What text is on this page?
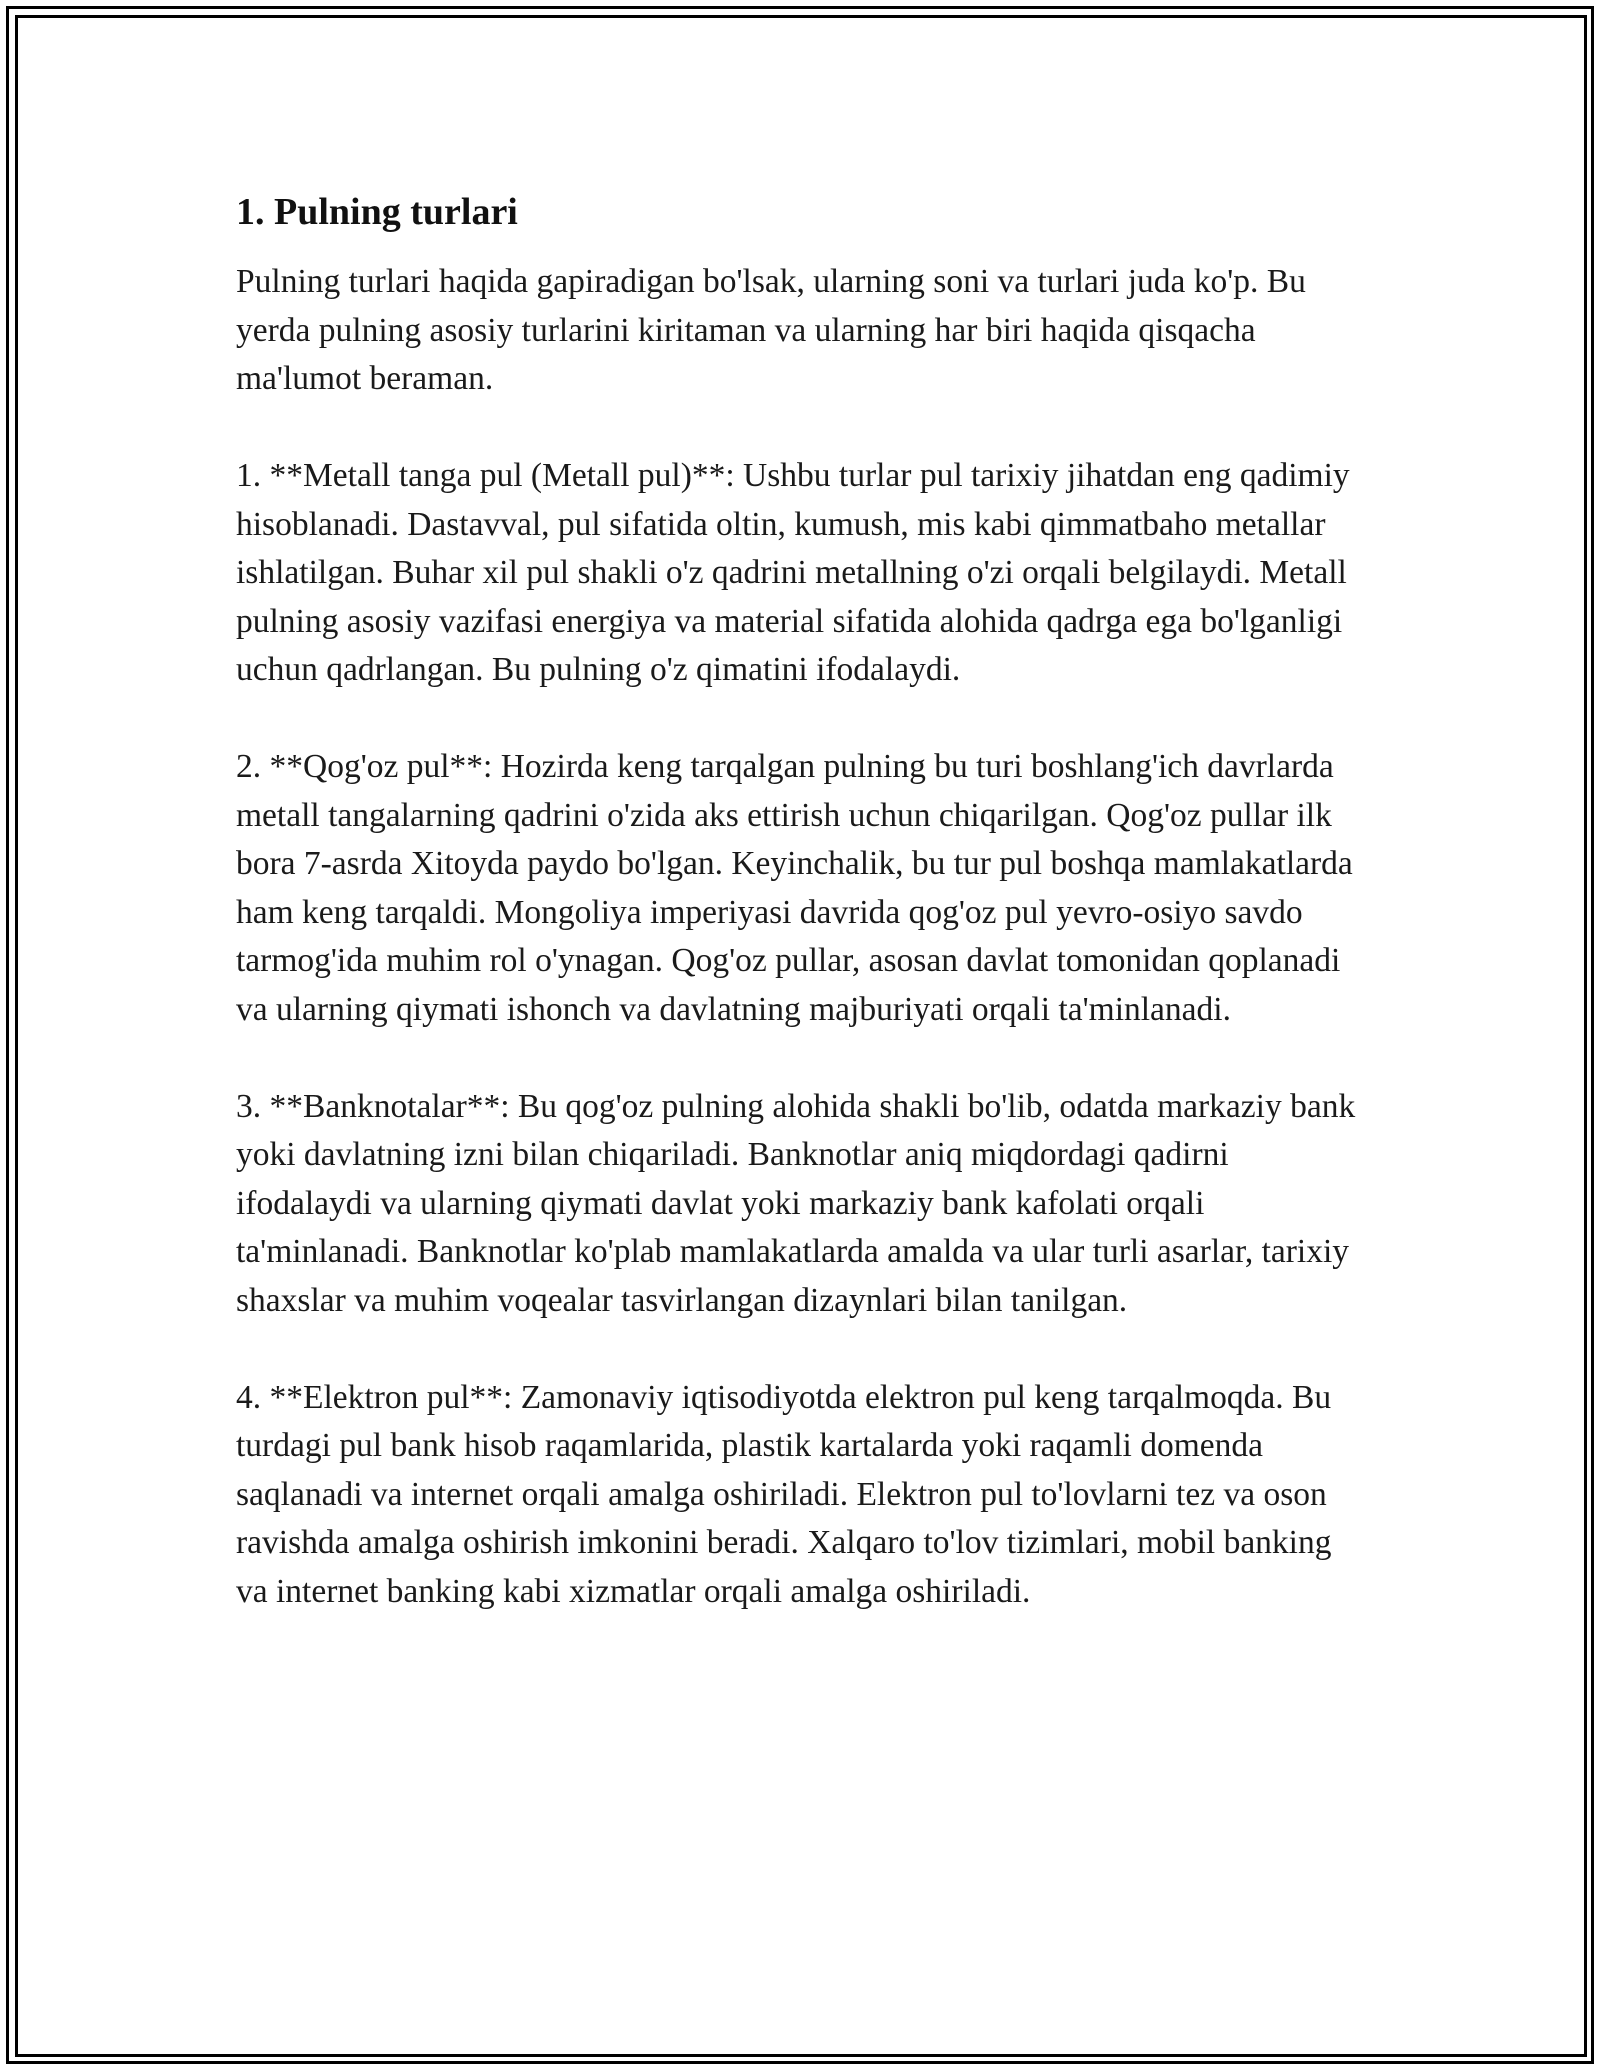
1. Pulning turlari

Pulning turlari haqida gapiradigan bo'lsak, ularning soni va turlari juda ko'p. Bu yerda pulning asosiy turlarini kiritaman va ularning har biri haqida qisqacha ma'lumot beraman.

1. **Metall tanga pul (Metall pul)**: Ushbu turlar pul tarixiy jihatdan eng qadimiy hisoblanadi. Dastavval, pul sifatida oltin, kumush, mis kabi qimmatbaho metallar ishlatilgan. Buhar xil pul shakli o'z qadrini metallning o'zi orqali belgilaydi. Metall pulning asosiy vazifasi energiya va material sifatida alohida qadrga ega bo'lganligi uchun qadrlangan. Bu pulning o'z qimatini ifodalaydi.

2. **Qog'oz pul**: Hozirda keng tarqalgan pulning bu turi boshlang'ich davrlarda metall tangalarning qadrini o'zida aks ettirish uchun chiqarilgan. Qog'oz pullar ilk bora 7-asrda Xitoyda paydo bo'lgan. Keyinchalik, bu tur pul boshqa mamlakatlarda ham keng tarqaldi. Mongoliya imperiyasi davrida qog'oz pul yevro-osiyo savdo tarmog'ida muhim rol o'ynagan. Qog'oz pullar, asosan davlat tomonidan qoplanadi va ularning qiymati ishonch va davlatning majburiyati orqali ta'minlanadi.

3. **Banknotalar**: Bu qog'oz pulning alohida shakli bo'lib, odatda markaziy bank yoki davlatning izni bilan chiqariladi. Banknotlar aniq miqdordagi qadirni ifodalaydi va ularning qiymati davlat yoki markaziy bank kafolati orqali ta'minlanadi. Banknotlar ko'plab mamlakatlarda amalda va ular turli asarlar, tarixiy shaxslar va muhim voqealar tasvirlangan dizaynlari bilan tanilgan.

4. **Elektron pul**: Zamonaviy iqtisodiyotda elektron pul keng tarqalmoqda. Bu turdagi pul bank hisob raqamlarida, plastik kartalarda yoki raqamli domenda saqlanadi va internet orqali amalga oshiriladi. Elektron pul to'lovlarni tez va oson ravishda amalga oshirish imkonini beradi. Xalqaro to'lov tizimlari, mobil banking va internet banking kabi xizmatlar orqali amalga oshiriladi.
